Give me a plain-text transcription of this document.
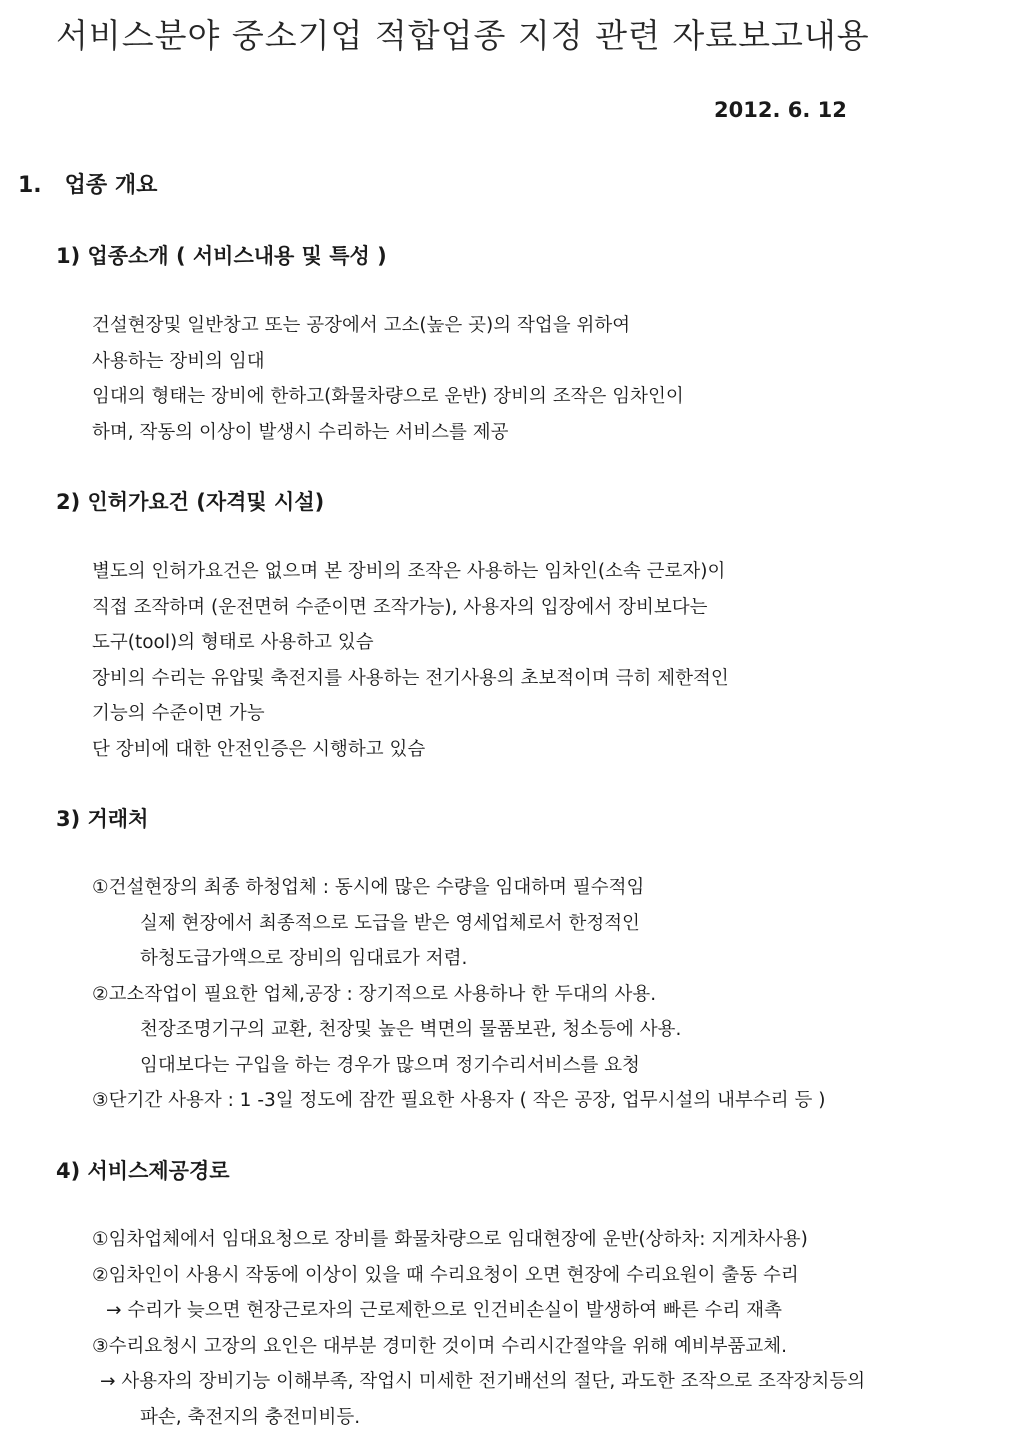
서비스분야 중소기업 적합업종 지정 관련 자료보고내용
2012. 6. 12
1. 업종 개요
1) 업종소개 ( 서비스내용 및 특성 )
건설현장및 일반창고 또는 공장에서 고소(높은 곳)의 작업을 위하여
사용하는 장비의 임대
임대의 형태는 장비에 한하고(화물차량으로 운반) 장비의 조작은 임차인이
하며, 작동의 이상이 발생시 수리하는 서비스를 제공
2) 인허가요건 (자격및 시설)
별도의 인허가요건은 없으며 본 장비의 조작은 사용하는 임차인(소속 근로자)이
직접 조작하며 (운전면허 수준이면 조작가능), 사용자의 입장에서 장비보다는
도구(tool)의 형태로 사용하고 있슴
장비의 수리는 유압및 축전지를 사용하는 전기사용의 초보적이며 극히 제한적인
기능의 수준이면 가능
단 장비에 대한 안전인증은 시행하고 있슴
3) 거래처
①건설현장의 최종 하청업체 : 동시에 많은 수량을 임대하며 필수적임
실제 현장에서 최종적으로 도급을 받은 영세업체로서 한정적인
하청도급가액으로 장비의 임대료가 저렴.
②고소작업이 필요한 업체,공장 : 장기적으로 사용하나 한 두대의 사용.
천장조명기구의 교환, 천장및 높은 벽면의 물품보관, 청소등에 사용.
임대보다는 구입을 하는 경우가 많으며 정기수리서비스를 요청
③단기간 사용자 : 1 -3일 정도에 잠깐 필요한 사용자 ( 작은 공장, 업무시설의 내부수리 등 )
4) 서비스제공경로
①임차업체에서 임대요청으로 장비를 화물차량으로 임대현장에 운반(상하차: 지게차사용)
②임차인이 사용시 작동에 이상이 있을 때 수리요청이 오면 현장에 수리요원이 출동 수리
→ 수리가 늦으면 현장근로자의 근로제한으로 인건비손실이 발생하여 빠른 수리 재촉
③수리요청시 고장의 요인은 대부분 경미한 것이며 수리시간절약을 위해 예비부품교체.
→ 사용자의 장비기능 이해부족, 작업시 미세한 전기배선의 절단, 과도한 조작으로 조작장치등의
파손, 축전지의 충전미비등.
